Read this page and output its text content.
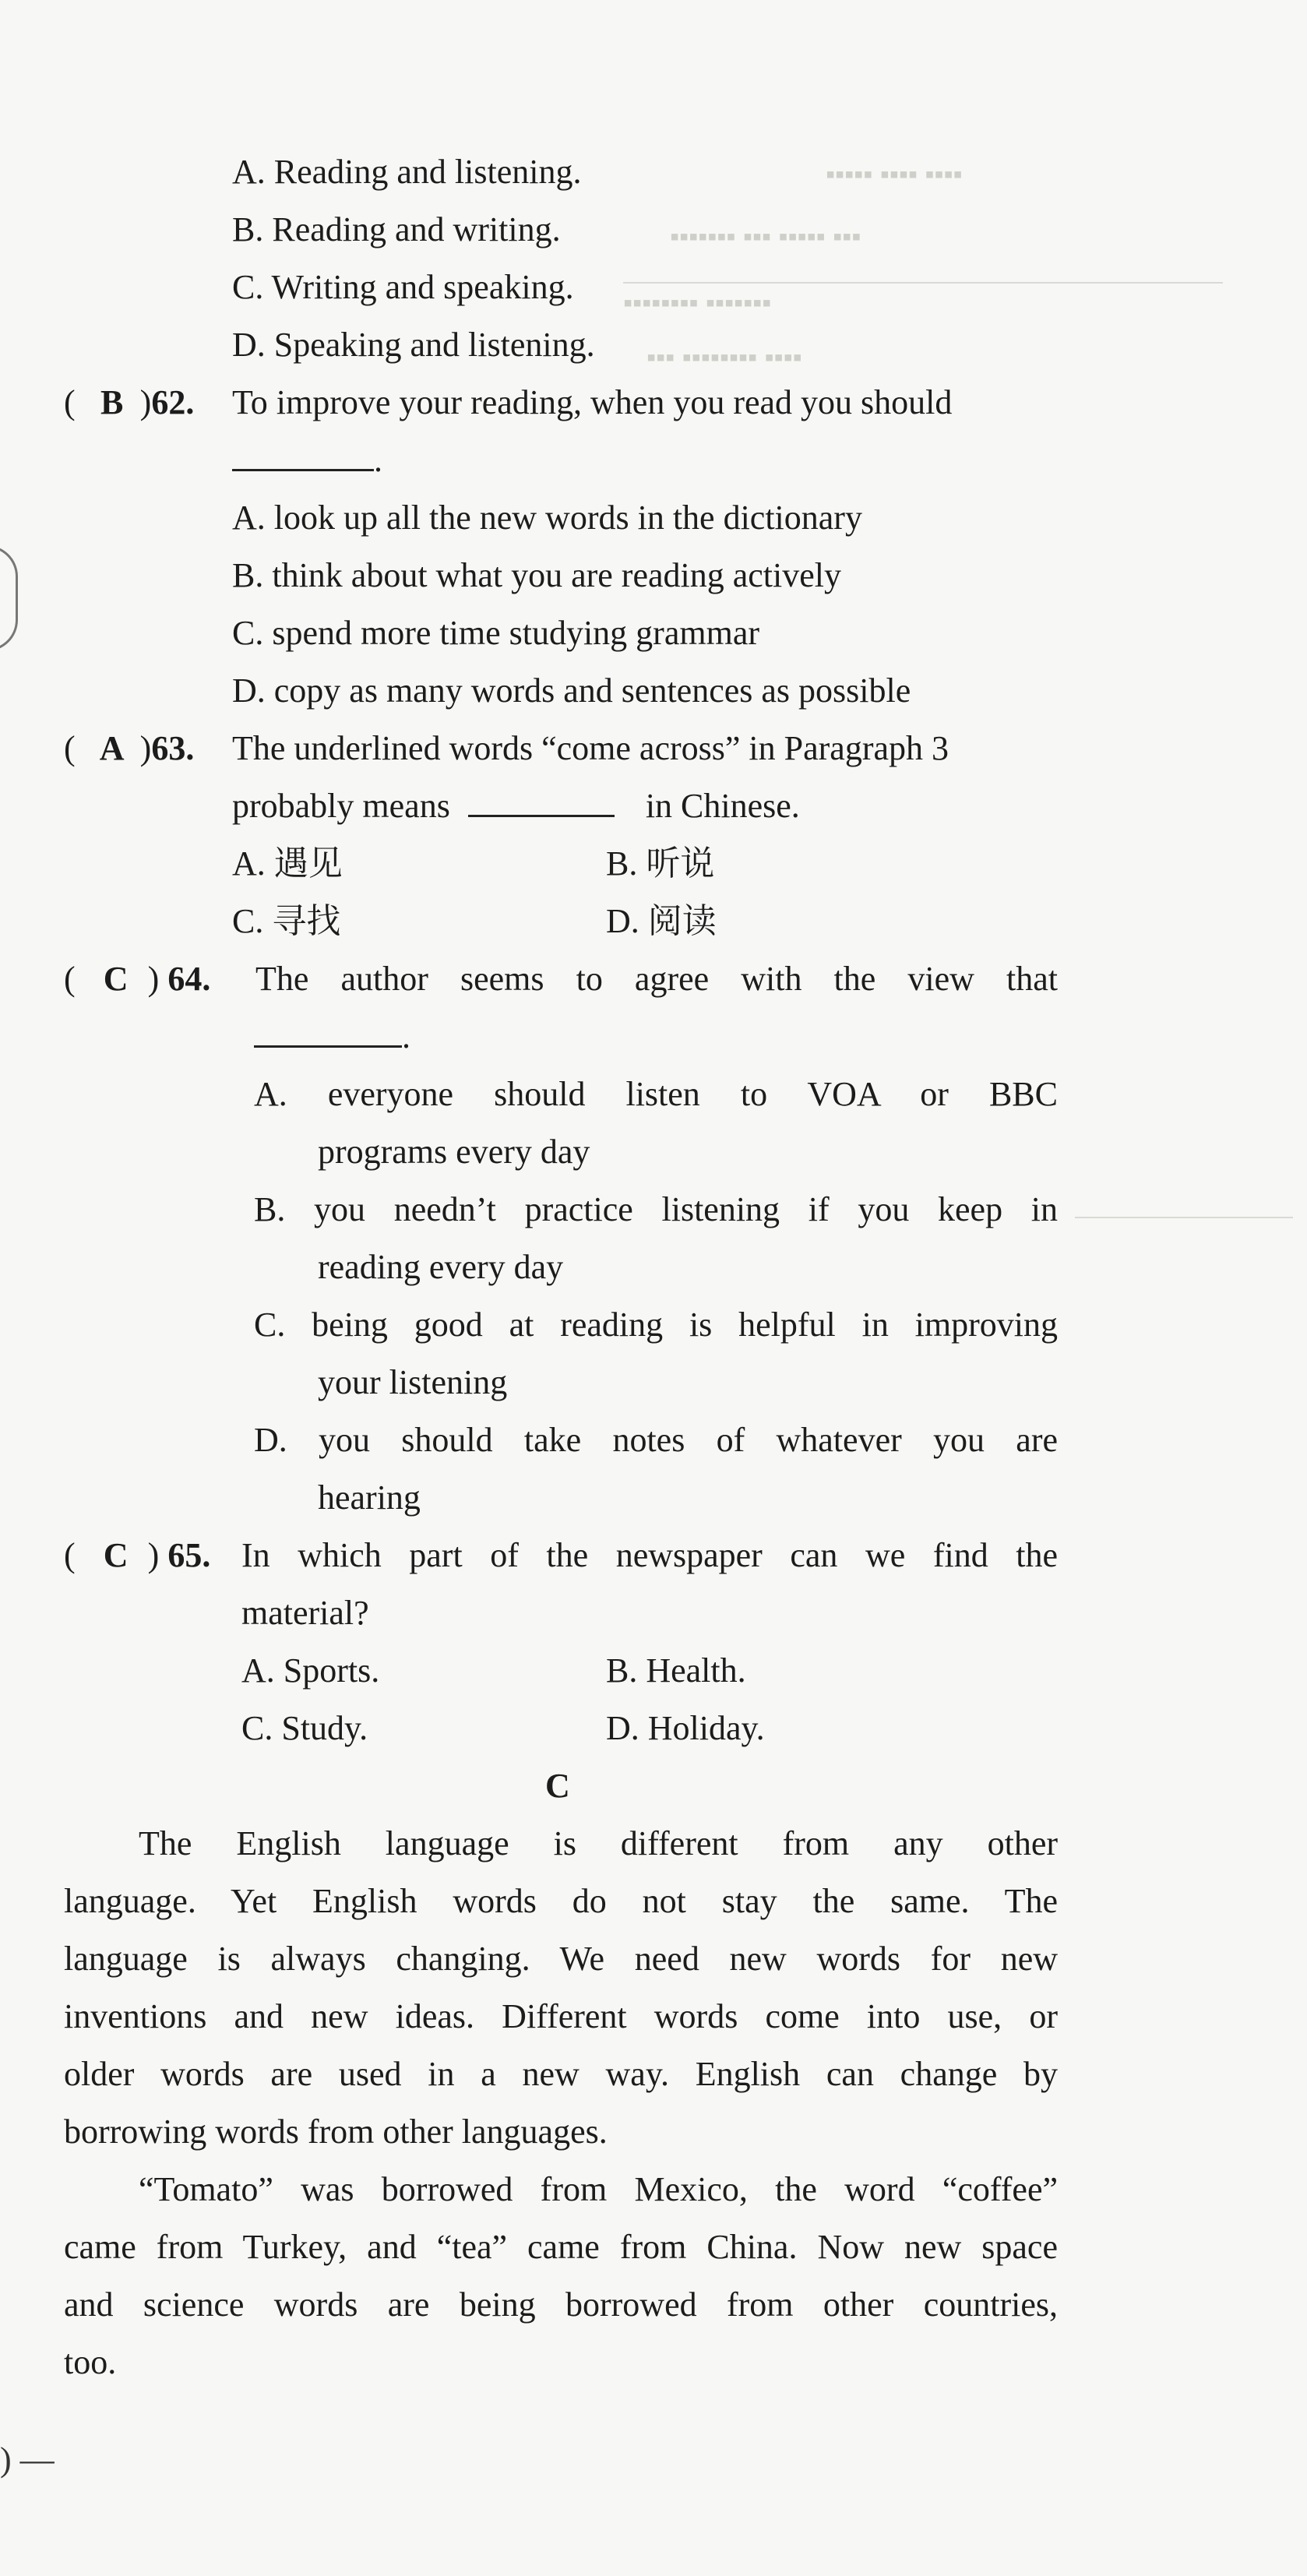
▪▪▪▪▪ ▪▪▪▪ ▪▪▪▪
▪▪▪▪▪▪▪ ▪▪▪ ▪▪▪▪▪ ▪▪▪
▪▪▪▪▪▪▪▪ ▪▪▪▪▪▪▪
▪▪▪ ▪▪▪▪▪▪▪▪ ▪▪▪▪
A. Reading and listening.
B. Reading and writing.
C. Writing and speaking.
D. Speaking and listening.
( B )62. To improve your reading, when you read you should
.
A. look up all the new words in the dictionary
B. think about what you are reading actively
C. spend more time studying grammar
D. copy as many words and sentences as possible
( A )63. The underlined words “come across” in Paragraph 3
probably means	in Chinese.
A. 遇见	B. 听说
C. 寻找	D. 阅读
( C ) 64. The author seems to agree with the view that
.
A. everyone should listen to VOA or BBC
programs every day
B. you needn’t practice listening if you keep in
reading every day
C. being good at reading is helpful in improving
your listening
D. you should take notes of whatever you are
hearing
( C ) 65. In which part of the newspaper can we find the
material?
A. Sports.	B. Health.
C. Study.	D. Holiday.
C
The English language is different from any other
language. Yet English words do not stay the same. The
language is always changing. We need new words for new
inventions and new ideas. Different words come into use, or
older words are used in a new way. English can change by
borrowing words from other languages.
“Tomato” was borrowed from Mexico, the word “coffee”
came from Turkey, and “tea” came from China. Now new space
and science words are being borrowed from other countries,
too.
) —
